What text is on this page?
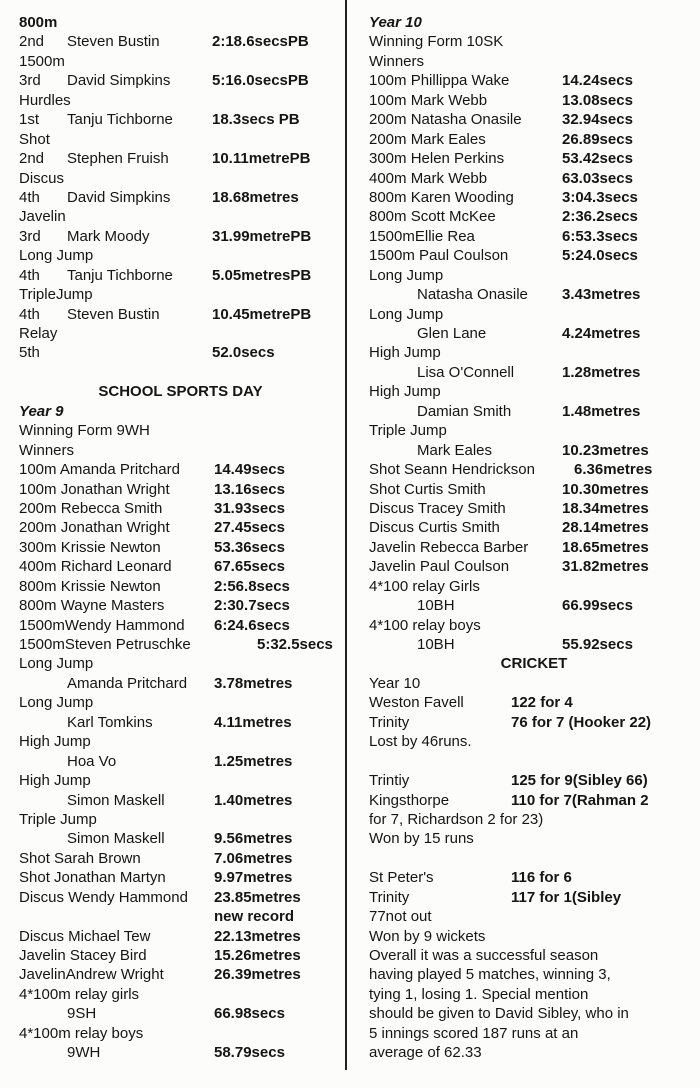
800m
2nd Steven Bustin	2:18.6secsPB
1500m
3rd David Simpkins	5:16.0secsPB
Hurdles
1st Tanju Tichborne	18.3secs PB
Shot
2nd Stephen Fruish	10.11metrePB
Discus
4th David Simpkins	18.68metres
Javelin
3rd Mark Moody	31.99metrePB
Long Jump
4th Tanju Tichborne	5.05metresPB
TripleJump
4th Steven Bustin	10.45metrePB
Relay
5th	52.0secs
SCHOOL SPORTS DAY
Year 9
Winning Form 9WH
Winners
100m Amanda Pritchard 14.49secs
100m Jonathan Wright	13.16secs
200m Rebecca Smith	31.93secs
200m Jonathan Wright	27.45secs
300m Krissie Newton	53.36secs
400m Richard Leonard	67.65secs
800m Krissie Newton	2:56.8secs
800m Wayne Masters	2:30.7secs
1500mWendy Hammond 6:24.6secs
1500mSteven Petruschke	5:32.5secs
Long Jump
Amanda Pritchard 3.78metres
Long Jump
Karl Tomkins	4.11metres
High Jump
Hoa Vo	1.25metres
High Jump
Simon Maskell	1.40metres
Triple Jump
Simon Maskell	9.56metres
Shot Sarah Brown	7.06metres
Shot Jonathan Martyn	9.97metres
Discus Wendy Hammond 23.85metres
new record
Discus Michael Tew	22.13metres
Javelin Stacey Bird	15.26metres
JavelinAndrew Wright	26.39metres
4*100m relay girls
9SH	66.98secs
4*100m relay boys
9WH	58.79secs
Year 10
Winning Form 10SK
Winners
100m Phillippa Wake	14.24secs
100m Mark Webb	13.08secs
200m Natasha Onasile	32.94secs
200m Mark Eales	26.89secs
300m Helen Perkins	53.42secs
400m Mark Webb	63.03secs
800m Karen Wooding	3:04.3secs
800m Scott McKee	2:36.2secs
1500mEllie Rea	6:53.3secs
1500m Paul Coulson	5:24.0secs
Long Jump
Natasha Onasile 3.43metres
Long Jump
Glen Lane	4.24metres
High Jump
Lisa O'Connell	1.28metres
High Jump
Damian Smith	1.48metres
Triple Jump
Mark Eales	10.23metres
Shot Seann Hendrickson	6.36metres
Shot Curtis Smith	10.30metres
Discus Tracey Smith	18.34metres
Discus Curtis Smith	28.14metres
Javelin Rebecca Barber 18.65metres
Javelin Paul Coulson	31.82metres
4*100 relay Girls
10BH	66.99secs
4*100 relay boys
10BH	55.92secs
CRICKET
Year 10
Weston Favell	122 for 4
Trinity	76 for 7 (Hooker 22)
Lost by 46runs.
Trintiy	125 for 9(Sibley 66)
Kingsthorpe	110 for 7(Rahman 2
for 7, Richardson 2 for 23)
Won by 15 runs
St Peter's	116 for 6
Trinity	117 for 1(Sibley
77not out
Won by 9 wickets
Overall it was a successful season
having played 5 matches, winning 3,
tying 1, losing 1. Special mention
should be given to David Sibley, who in
5 innings scored 187 runs at an
average of 62.33
